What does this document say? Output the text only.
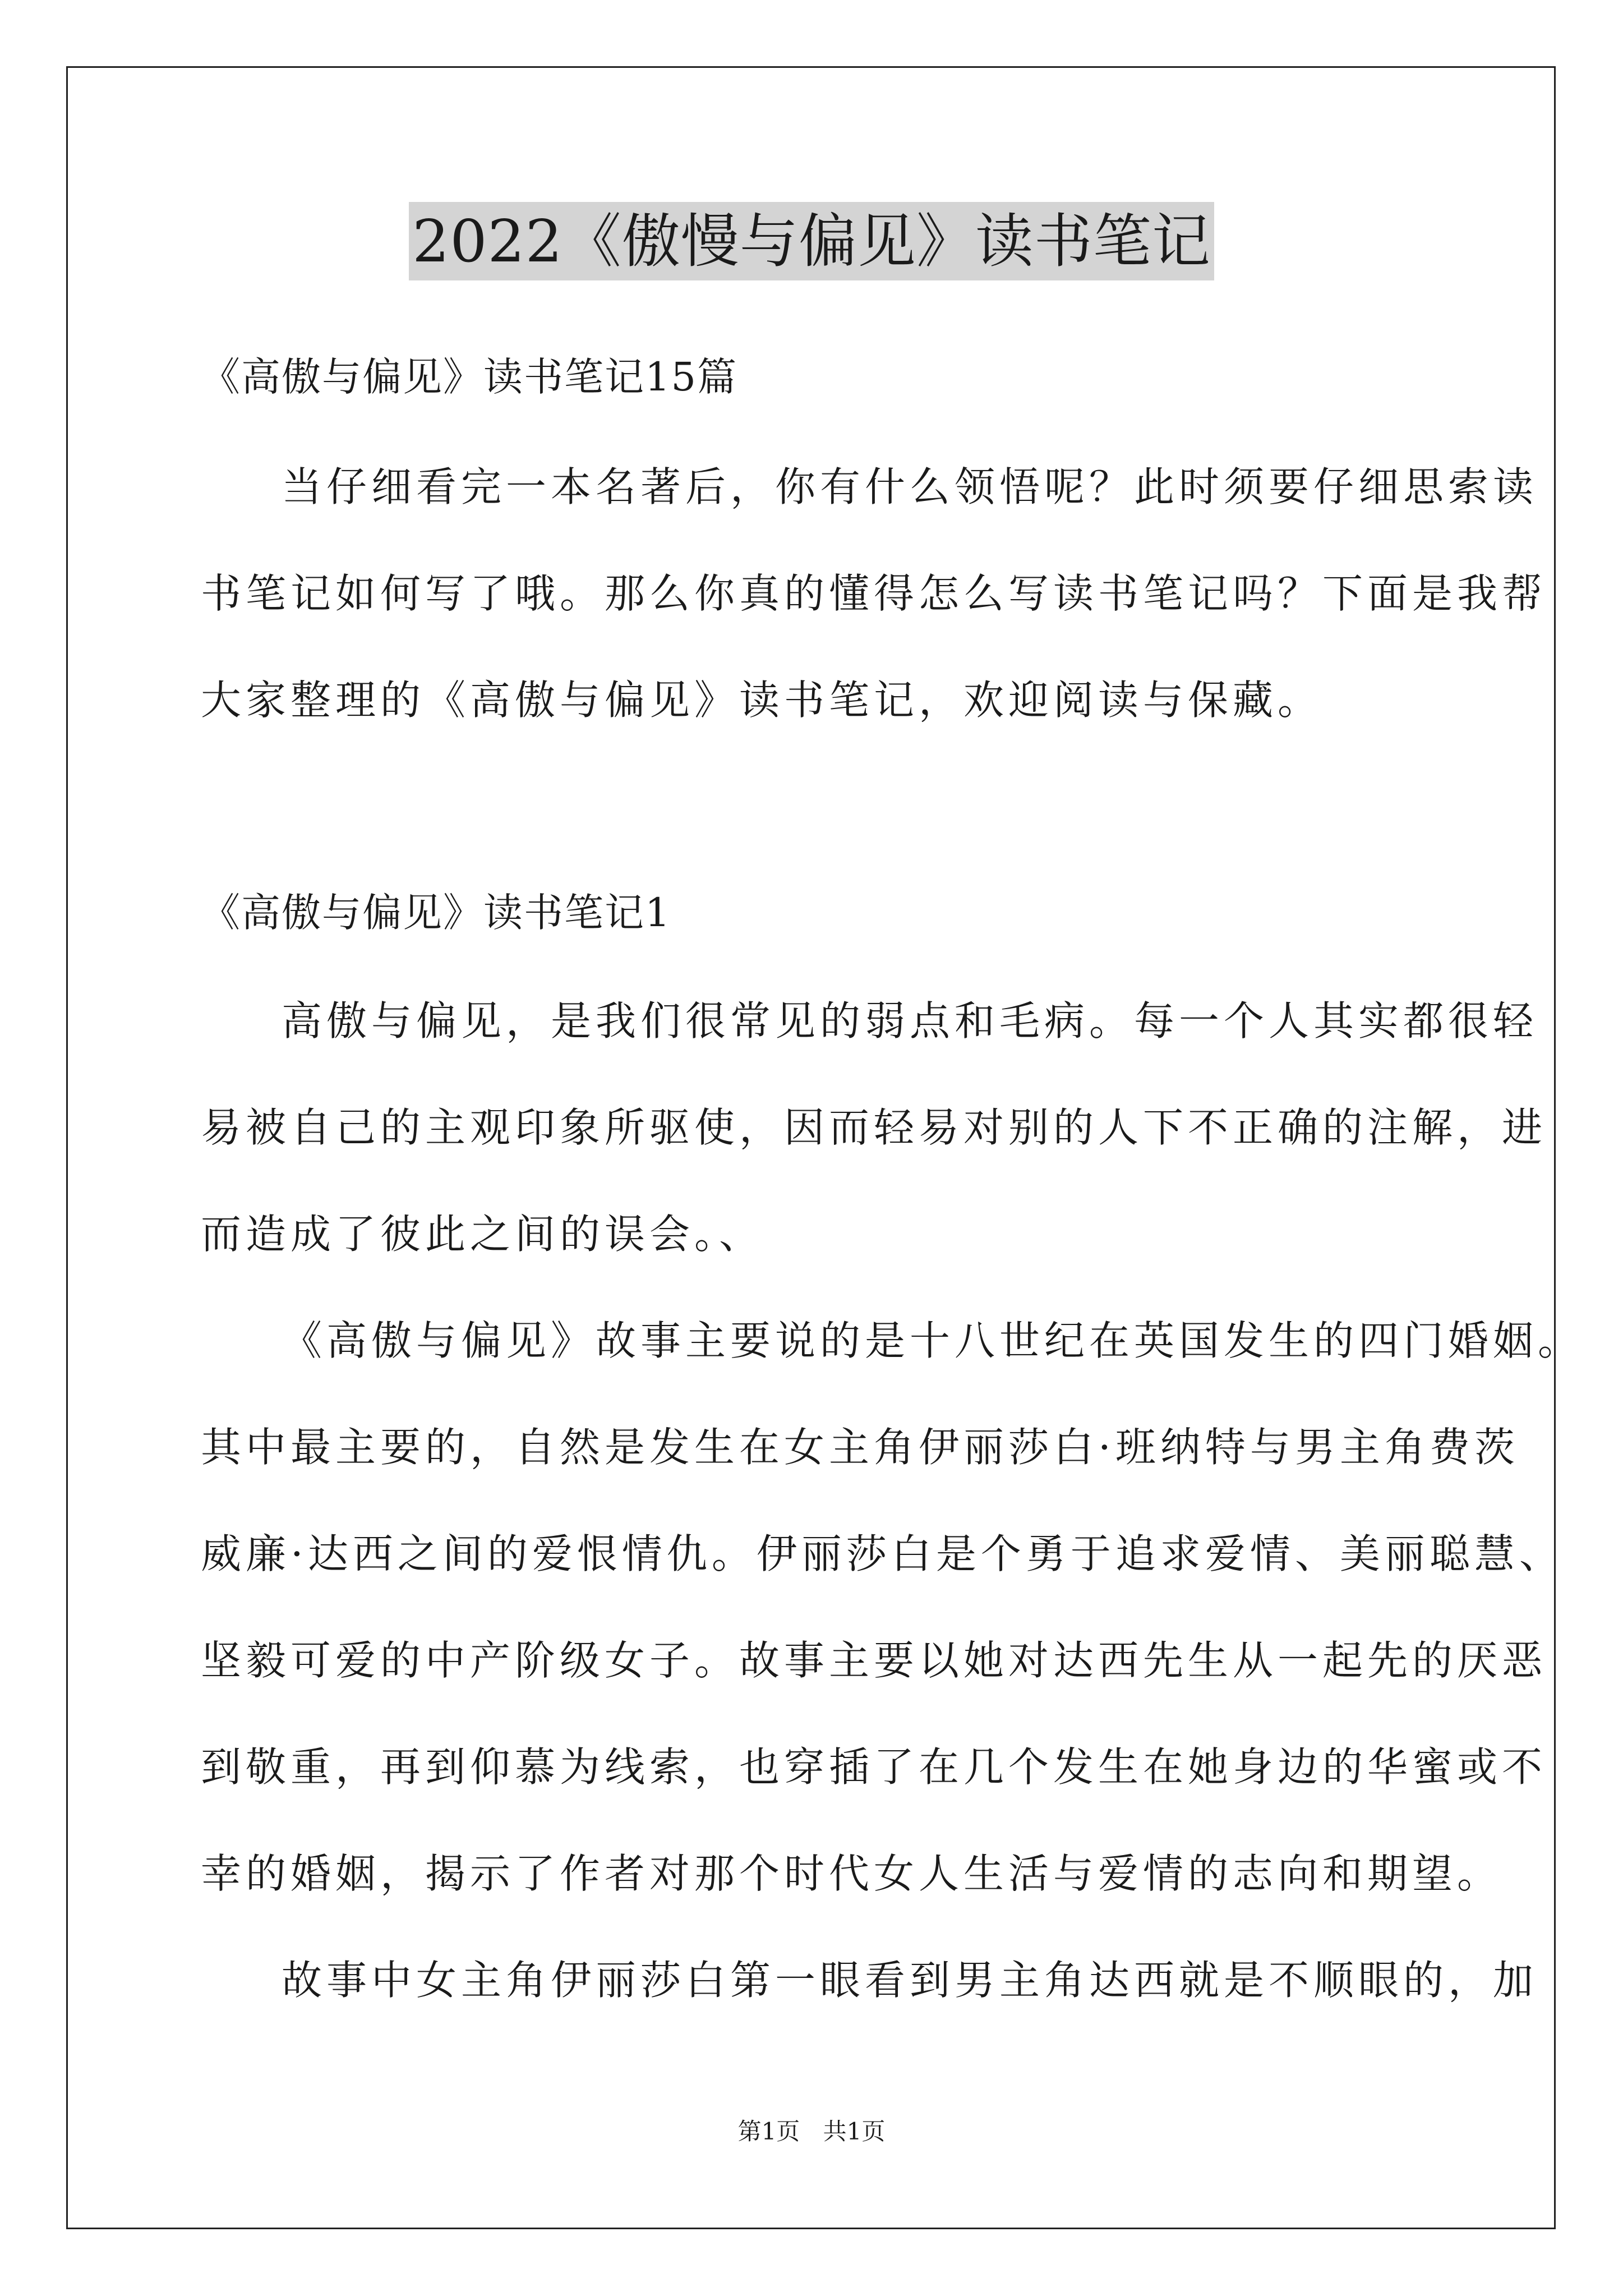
2022《傲慢与偏见》读书笔记
《高傲与偏见》读书笔记15篇
当仔细看完一本名著后，你有什么领悟呢？此时须要仔细思索读
书笔记如何写了哦。那么你真的懂得怎么写读书笔记吗？下面是我帮
大家整理的《高傲与偏见》读书笔记，欢迎阅读与保藏。
《高傲与偏见》读书笔记1
高傲与偏见，是我们很常见的弱点和毛病。每一个人其实都很轻
易被自己的主观印象所驱使，因而轻易对别的人下不正确的注解，进
而造成了彼此之间的误会。、
《高傲与偏见》故事主要说的是十八世纪在英国发生的四门婚姻。
其中最主要的，自然是发生在女主角伊丽莎白·班纳特与男主角费茨
威廉·达西之间的爱恨情仇。伊丽莎白是个勇于追求爱情、美丽聪慧、
坚毅可爱的中产阶级女子。故事主要以她对达西先生从一起先的厌恶
到敬重，再到仰慕为线索，也穿插了在几个发生在她身边的华蜜或不
幸的婚姻，揭示了作者对那个时代女人生活与爱情的志向和期望。
故事中女主角伊丽莎白第一眼看到男主角达西就是不顺眼的，加
第1页 共1页
